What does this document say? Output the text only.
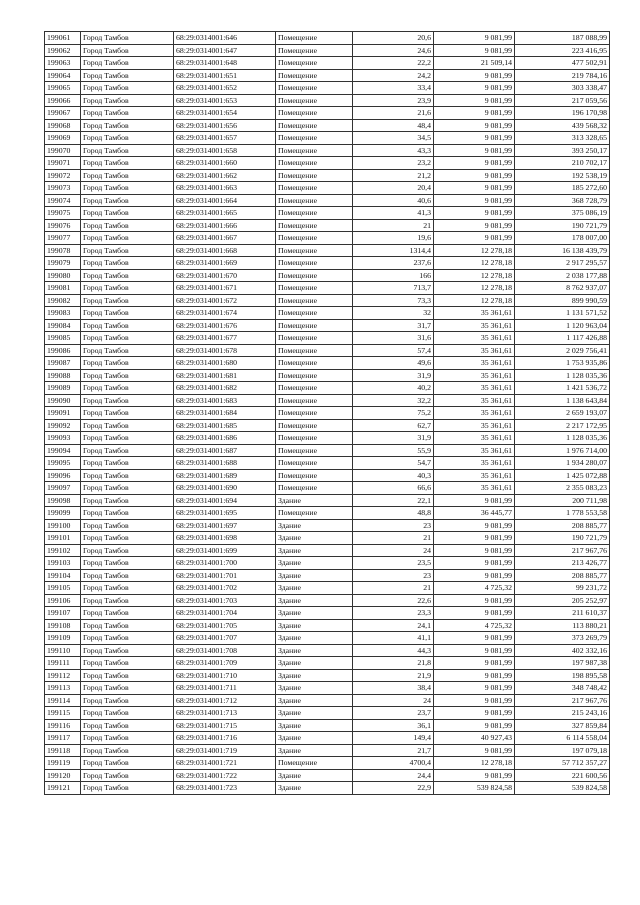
199061	Город Тамбов	68:29:0314001:646	Помещение	20,6	9 081,99	187 088,99
199062	Город Тамбов	68:29:0314001:647	Помещение	24,6	9 081,99	223 416,95
199063	Город Тамбов	68:29:0314001:648	Помещение	22,2	21 509,14	477 502,91
199064	Город Тамбов	68:29:0314001:651	Помещение	24,2	9 081,99	219 784,16
199065	Город Тамбов	68:29:0314001:652	Помещение	33,4	9 081,99	303 338,47
199066	Город Тамбов	68:29:0314001:653	Помещение	23,9	9 081,99	217 059,56
199067	Город Тамбов	68:29:0314001:654	Помещение	21,6	9 081,99	196 170,98
199068	Город Тамбов	68:29:0314001:656	Помещение	48,4	9 081,99	439 568,32
199069	Город Тамбов	68:29:0314001:657	Помещение	34,5	9 081,99	313 328,65
199070	Город Тамбов	68:29:0314001:658	Помещение	43,3	9 081,99	393 250,17
199071	Город Тамбов	68:29:0314001:660	Помещение	23,2	9 081,99	210 702,17
199072	Город Тамбов	68:29:0314001:662	Помещение	21,2	9 081,99	192 538,19
199073	Город Тамбов	68:29:0314001:663	Помещение	20,4	9 081,99	185 272,60
199074	Город Тамбов	68:29:0314001:664	Помещение	40,6	9 081,99	368 728,79
199075	Город Тамбов	68:29:0314001:665	Помещение	41,3	9 081,99	375 086,19
199076	Город Тамбов	68:29:0314001:666	Помещение	21	9 081,99	190 721,79
199077	Город Тамбов	68:29:0314001:667	Помещение	19,6	9 081,99	178 007,00
199078	Город Тамбов	68:29:0314001:668	Помещение	1314,4	12 278,18	16 138 439,79
199079	Город Тамбов	68:29:0314001:669	Помещение	237,6	12 278,18	2 917 295,57
199080	Город Тамбов	68:29:0314001:670	Помещение	166	12 278,18	2 038 177,88
199081	Город Тамбов	68:29:0314001:671	Помещение	713,7	12 278,18	8 762 937,07
199082	Город Тамбов	68:29:0314001:672	Помещение	73,3	12 278,18	899 990,59
199083	Город Тамбов	68:29:0314001:674	Помещение	32	35 361,61	1 131 571,52
199084	Город Тамбов	68:29:0314001:676	Помещение	31,7	35 361,61	1 120 963,04
199085	Город Тамбов	68:29:0314001:677	Помещение	31,6	35 361,61	1 117 426,88
199086	Город Тамбов	68:29:0314001:678	Помещение	57,4	35 361,61	2 029 756,41
199087	Город Тамбов	68:29:0314001:680	Помещение	49,6	35 361,61	1 753 935,86
199088	Город Тамбов	68:29:0314001:681	Помещение	31,9	35 361,61	1 128 035,36
199089	Город Тамбов	68:29:0314001:682	Помещение	40,2	35 361,61	1 421 536,72
199090	Город Тамбов	68:29:0314001:683	Помещение	32,2	35 361,61	1 138 643,84
199091	Город Тамбов	68:29:0314001:684	Помещение	75,2	35 361,61	2 659 193,07
199092	Город Тамбов	68:29:0314001:685	Помещение	62,7	35 361,61	2 217 172,95
199093	Город Тамбов	68:29:0314001:686	Помещение	31,9	35 361,61	1 128 035,36
199094	Город Тамбов	68:29:0314001:687	Помещение	55,9	35 361,61	1 976 714,00
199095	Город Тамбов	68:29:0314001:688	Помещение	54,7	35 361,61	1 934 280,07
199096	Город Тамбов	68:29:0314001:689	Помещение	40,3	35 361,61	1 425 072,88
199097	Город Тамбов	68:29:0314001:690	Помещение	66,6	35 361,61	2 355 083,23
199098	Город Тамбов	68:29:0314001:694	Здание	22,1	9 081,99	200 711,98
199099	Город Тамбов	68:29:0314001:695	Помещение	48,8	36 445,77	1 778 553,58
199100	Город Тамбов	68:29:0314001:697	Здание	23	9 081,99	208 885,77
199101	Город Тамбов	68:29:0314001:698	Здание	21	9 081,99	190 721,79
199102	Город Тамбов	68:29:0314001:699	Здание	24	9 081,99	217 967,76
199103	Город Тамбов	68:29:0314001:700	Здание	23,5	9 081,99	213 426,77
199104	Город Тамбов	68:29:0314001:701	Здание	23	9 081,99	208 885,77
199105	Город Тамбов	68:29:0314001:702	Здание	21	4 725,32	99 231,72
199106	Город Тамбов	68:29:0314001:703	Здание	22,6	9 081,99	205 252,97
199107	Город Тамбов	68:29:0314001:704	Здание	23,3	9 081,99	211 610,37
199108	Город Тамбов	68:29:0314001:705	Здание	24,1	4 725,32	113 880,21
199109	Город Тамбов	68:29:0314001:707	Здание	41,1	9 081,99	373 269,79
199110	Город Тамбов	68:29:0314001:708	Здание	44,3	9 081,99	402 332,16
199111	Город Тамбов	68:29:0314001:709	Здание	21,8	9 081,99	197 987,38
199112	Город Тамбов	68:29:0314001:710	Здание	21,9	9 081,99	198 895,58
199113	Город Тамбов	68:29:0314001:711	Здание	38,4	9 081,99	348 748,42
199114	Город Тамбов	68:29:0314001:712	Здание	24	9 081,99	217 967,76
199115	Город Тамбов	68:29:0314001:713	Здание	23,7	9 081,99	215 243,16
199116	Город Тамбов	68:29:0314001:715	Здание	36,1	9 081,99	327 859,84
199117	Город Тамбов	68:29:0314001:716	Здание	149,4	40 927,43	6 114 558,04
199118	Город Тамбов	68:29:0314001:719	Здание	21,7	9 081,99	197 079,18
199119	Город Тамбов	68:29:0314001:721	Помещение	4700,4	12 278,18	57 712 357,27
199120	Город Тамбов	68:29:0314001:722	Здание	24,4	9 081,99	221 600,56
199121	Город Тамбов	68:29:0314001:723	Здание	22,9	539 824,58	539 824,58
